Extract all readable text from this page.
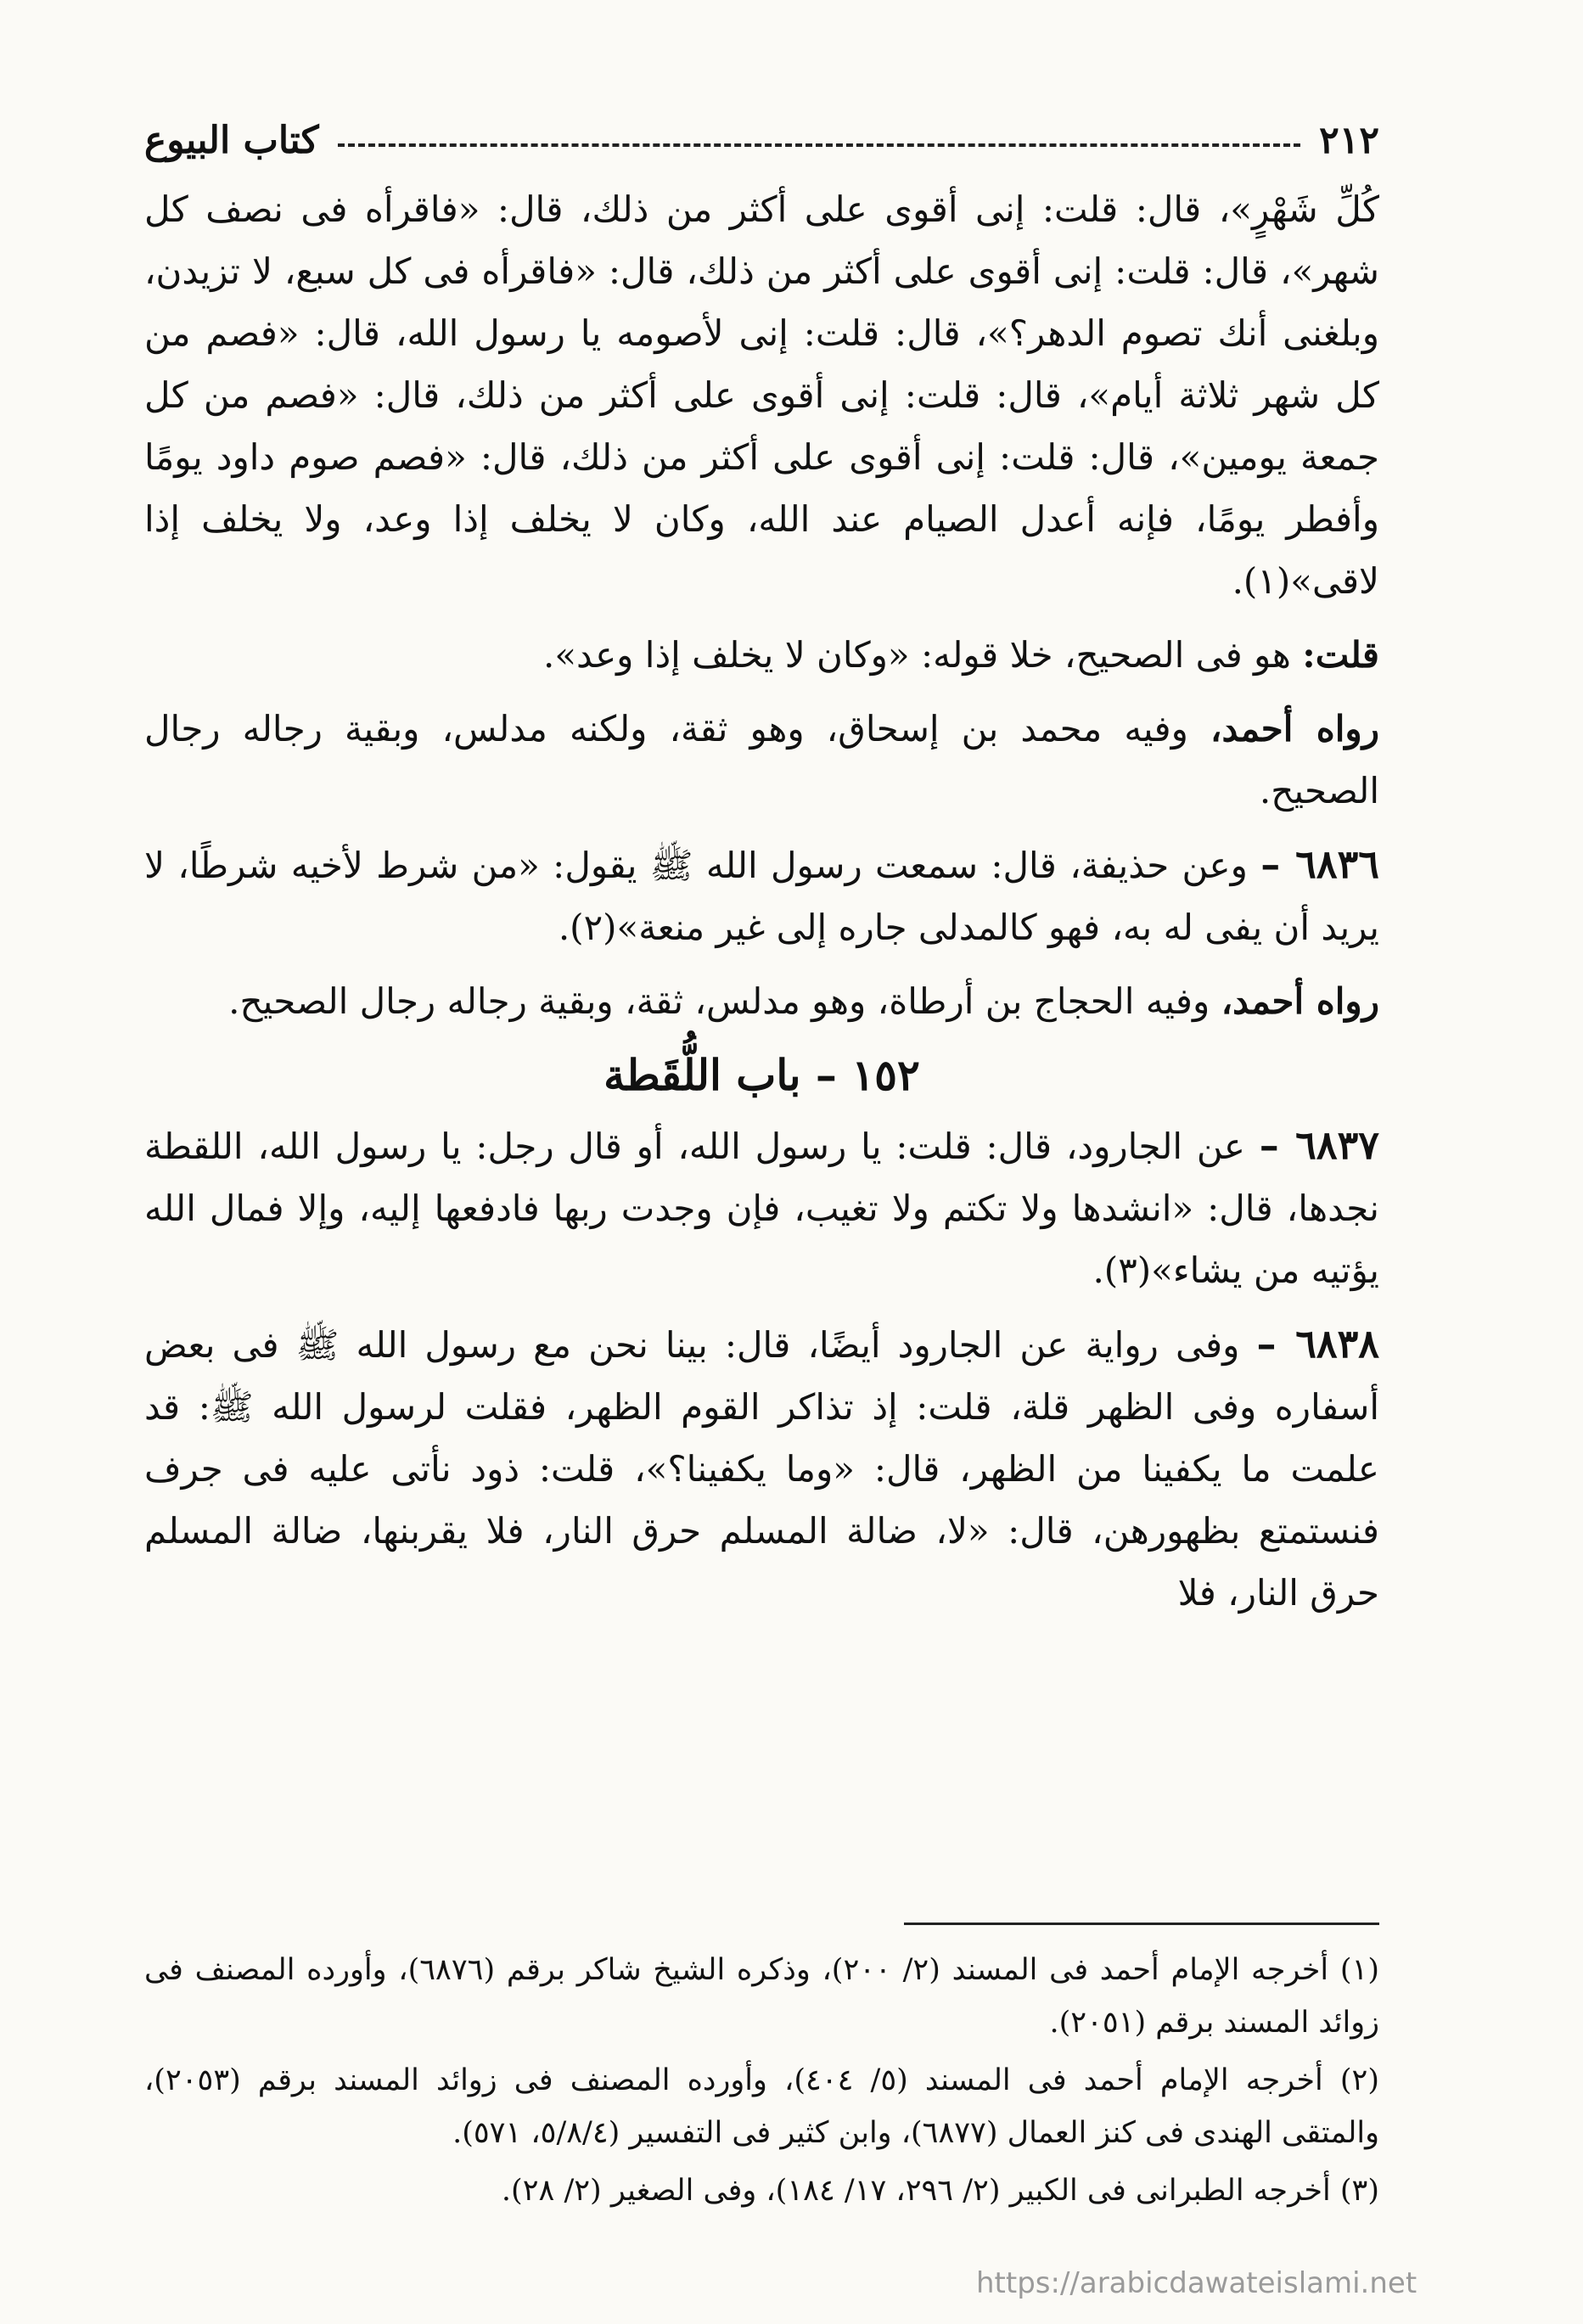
٢١٢
كتاب البيوع

كُلِّ شَهْرٍ»، قال: قلت: إنى أقوى على أكثر من ذلك، قال: «فاقرأه فى نصف كل شهر»، قال: قلت: إنى أقوى على أكثر من ذلك، قال: «فاقرأه فى كل سبع، لا تزيدن، وبلغنى أنك تصوم الدهر؟»، قال: قلت: إنى لأصومه يا رسول الله، قال: «فصم من كل شهر ثلاثة أيام»، قال: قلت: إنى أقوى على أكثر من ذلك، قال: «فصم من كل جمعة يومين»، قال: قلت: إنى أقوى على أكثر من ذلك، قال: «فصم صوم داود يومًا وأفطر يومًا، فإنه أعدل الصيام عند الله، وكان لا يخلف إذا وعد، ولا يخلف إذا لاقى»(١).

قلت: هو فى الصحيح، خلا قوله: «وكان لا يخلف إذا وعد».

رواه أحمد، وفيه محمد بن إسحاق، وهو ثقة، ولكنه مدلس، وبقية رجاله رجال الصحيح.

٦٨٣٦ – وعن حذيفة، قال: سمعت رسول الله ﷺ يقول: «من شرط لأخيه شرطًا، لا يريد أن يفى له به، فهو كالمدلى جاره إلى غير منعة»(٢).

رواه أحمد، وفيه الحجاج بن أرطاة، وهو مدلس، ثقة، وبقية رجاله رجال الصحيح.

١٥٢ – باب اللُّقَطة

٦٨٣٧ – عن الجارود، قال: قلت: يا رسول الله، أو قال رجل: يا رسول الله، اللقطة نجدها، قال: «انشدها ولا تكتم ولا تغيب، فإن وجدت ربها فادفعها إليه، وإلا فمال الله يؤتيه من يشاء»(٣).

٦٨٣٨ – وفى رواية عن الجارود أيضًا، قال: بينا نحن مع رسول الله ﷺ فى بعض أسفاره وفى الظهر قلة، قلت: إذ تذاكر القوم الظهر، فقلت لرسول الله ﷺ: قد علمت ما يكفينا من الظهر، قال: «وما يكفينا؟»، قلت: ذود نأتى عليه فى جرف فنستمتع بظهورهن، قال: «لا، ضالة المسلم حرق النار، فلا يقربنها، ضالة المسلم حرق النار، فلا

(١) أخرجه الإمام أحمد فى المسند (٢/ ٢٠٠)، وذكره الشيخ شاكر برقم (٦٨٧٦)، وأورده المصنف فى زوائد المسند برقم (٢٠٥١).

(٢) أخرجه الإمام أحمد فى المسند (٥/ ٤٠٤)، وأورده المصنف فى زوائد المسند برقم (٢٠٥٣)، والمتقى الهندى فى كنز العمال (٦٨٧٧)، وابن كثير فى التفسير (٥/٨/٤، ٥٧١).

(٣) أخرجه الطبرانى فى الكبير (٢/ ٢٩٦، ١٧/ ١٨٤)، وفى الصغير (٢/ ٢٨).

https://arabicdawateislami.net
